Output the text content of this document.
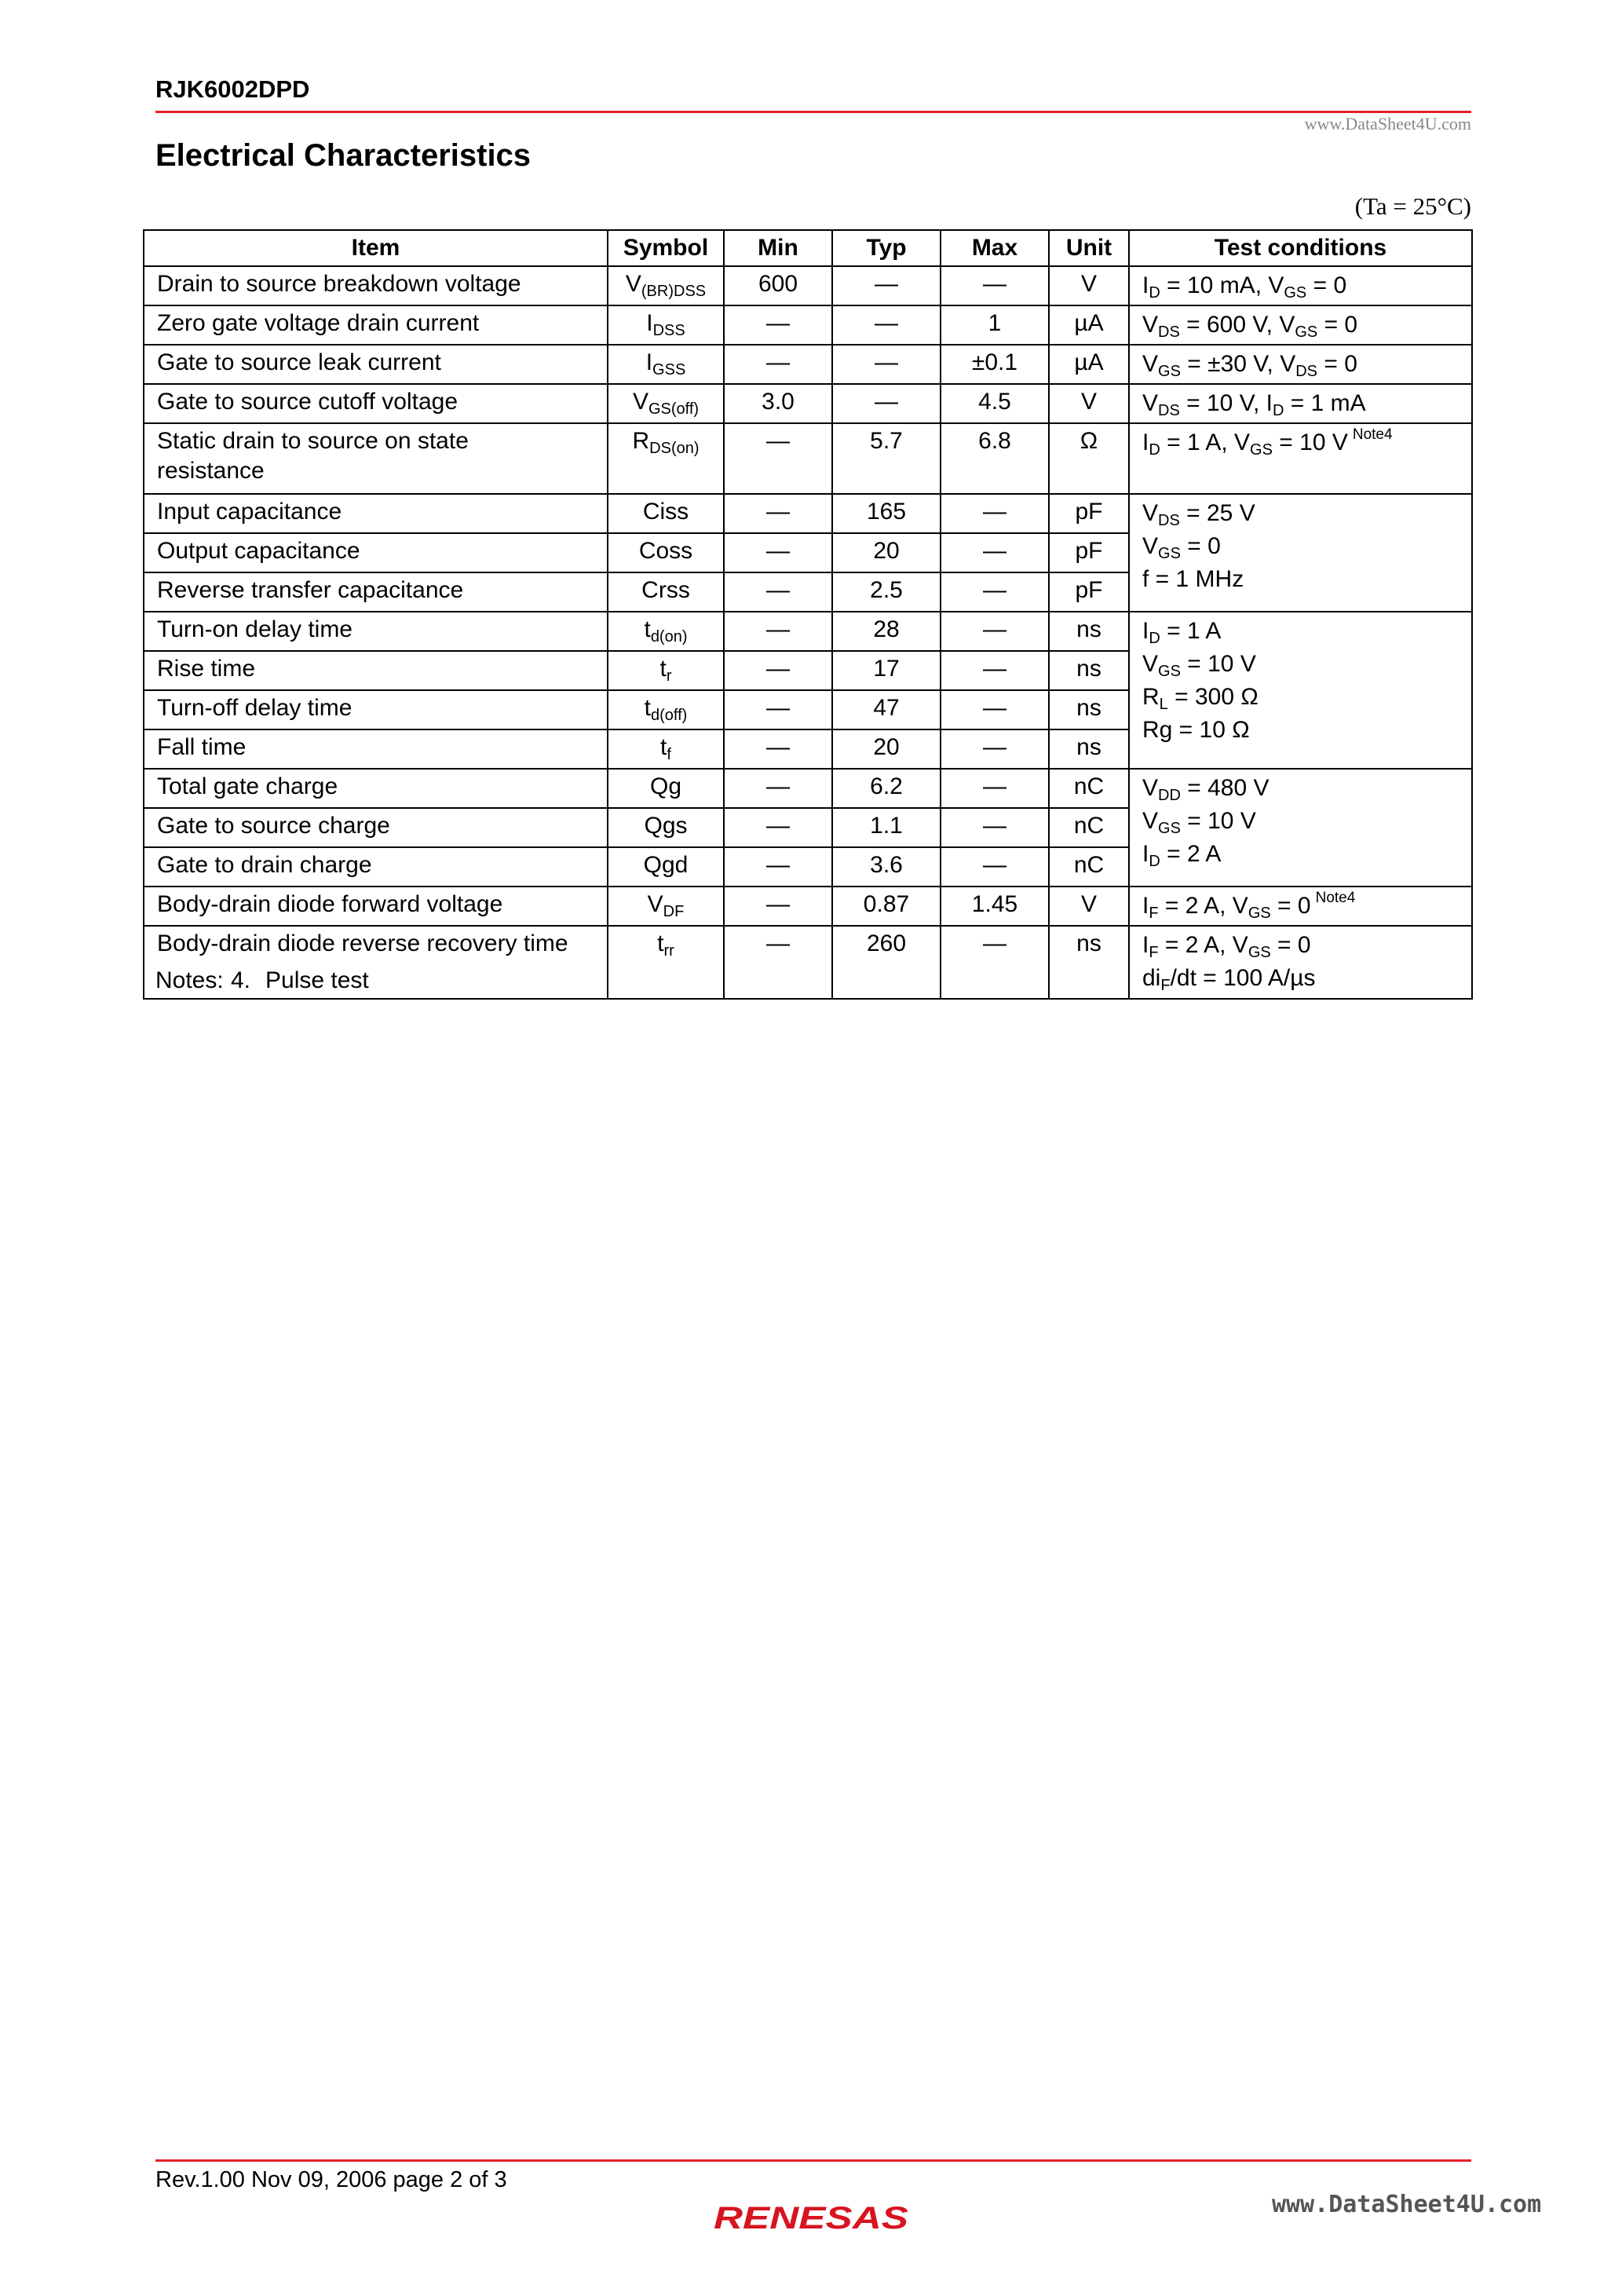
RJK6002DPD
www.DataSheet4U.com
Electrical Characteristics
(Ta = 25°C)
Item	Symbol	Min	Typ	Max	Unit	Test conditions
Drain to source breakdown voltage	$V_{(BR)DSS}$	600	—	—	V	$I_D = 10$ mA, $V_{GS} = 0$
Zero gate voltage drain current	$I_{DSS}$	—	—	1	µA	$V_{DS} = 600$ V, $V_{GS} = 0$
Gate to source leak current	$I_{GSS}$	—	—	±0.1	µA	$V_{GS} = \pm 30$ V, $V_{DS} = 0$
Gate to source cutoff voltage	$V_{GS(off)}$	3.0	—	4.5	V	$V_{DS} = 10$ V, $I_D = 1$ mA

Static drain to source on state
resistance	$R_{DS(on)}$	—	5.7	6.8	Ω	$I_D = 1$ A, $V_{GS} = 10$ V $^{Note4}$
Input capacitance	Ciss	—	165	—	pF	$V_{DS} = 25$ V
$V_{GS} = 0$
f = 1 MHz

Output capacitance	Coss	—	20	—	pF	
Reverse transfer capacitance	Crss	—	2.5	—	pF	
Turn-on delay time	$t_{d(on)}$	—	28	—	ns	$I_D = 1$ A
$V_{GS} = 10$ V
$R_L = 300$ Ω
Rg = 10 Ω

Rise time	$t_r$	—	17	—	ns	
Turn-off delay time	$t_{d(off)}$	—	47	—	ns	
Fall time	$t_f$	—	20	—	ns	
Total gate charge	Qg	—	6.2	—	nC	$V_{DD} = 480$ V
$V_{GS} = 10$ V
$I_D = 2$ A

Gate to source charge	Qgs	—	1.1	—	nC	
Gate to drain charge	Qgd	—	3.6	—	nC	
Body-drain diode forward voltage	$V_{DF}$	—	0.87	1.45	V	$I_F = 2$ A, $V_{GS} = 0$ $^{Note4}$
Body-drain diode reverse recovery time	$t_{rr}$	—	260	—	ns	$I_F = 2$ A, $V_{GS} = 0$
$di_F/dt = 100$ A/µs
Notes: 4. Pulse test
Rev.1.00 Nov 09, 2006 page 2 of 3
RENESAS	www.DataSheet4U.com
